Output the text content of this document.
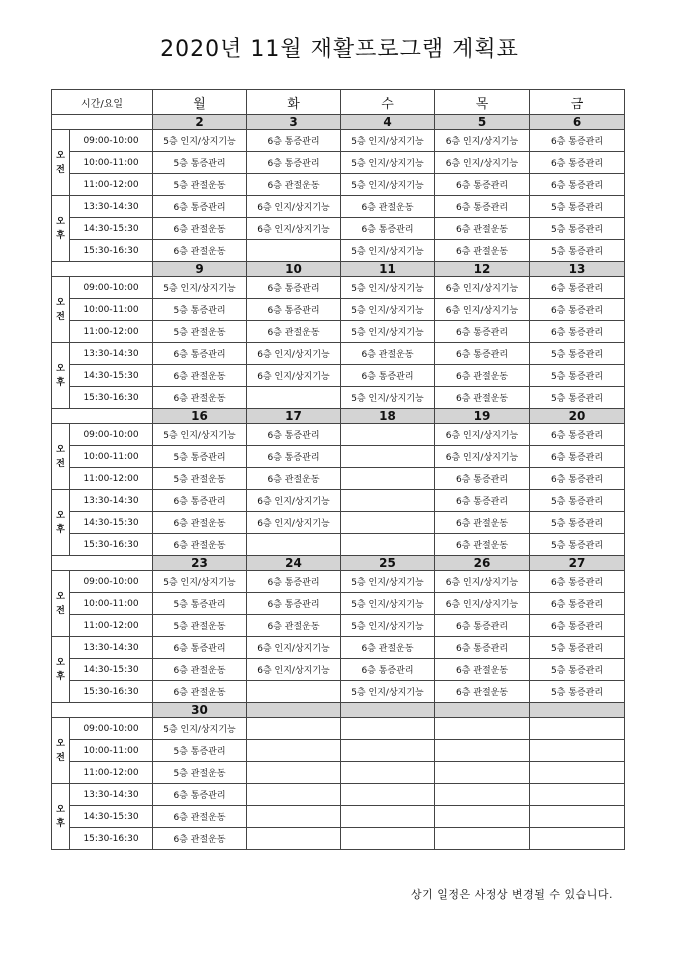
2020년 11월 재활프로그램 계획표
시간/요일		월	화	수	목	금
		2	3	4	5	6
오
전	09:00-10:00	5층 인지/상지기능	6층 통증관리	5층 인지/상지기능	6층 인지/상지기능	6층 통증관리
	10:00-11:00	5층 통증관리	6층 통증관리	5층 인지/상지기능	6층 인지/상지기능	6층 통증관리
	11:00-12:00	5층 관절운동	6층 관절운동	5층 인지/상지기능	6층 통증관리	6층 통증관리
오
후	13:30-14:30	6층 통증관리	6층 인지/상지기능	6층 관절운동	6층 통증관리	5층 통증관리
	14:30-15:30	6층 관절운동	6층 인지/상지기능	6층 통증관리	6층 관절운동	5층 통증관리
	15:30-16:30	6층 관절운동		5층 인지/상지기능	6층 관절운동	5층 통증관리
		9	10	11	12	13
오
전	09:00-10:00	5층 인지/상지기능	6층 통증관리	5층 인지/상지기능	6층 인지/상지기능	6층 통증관리
	10:00-11:00	5층 통증관리	6층 통증관리	5층 인지/상지기능	6층 인지/상지기능	6층 통증관리
	11:00-12:00	5층 관절운동	6층 관절운동	5층 인지/상지기능	6층 통증관리	6층 통증관리
오
후	13:30-14:30	6층 통증관리	6층 인지/상지기능	6층 관절운동	6층 통증관리	5층 통증관리
	14:30-15:30	6층 관절운동	6층 인지/상지기능	6층 통증관리	6층 관절운동	5층 통증관리
	15:30-16:30	6층 관절운동		5층 인지/상지기능	6층 관절운동	5층 통증관리
		16	17	18	19	20
오
전	09:00-10:00	5층 인지/상지기능	6층 통증관리		6층 인지/상지기능	6층 통증관리
	10:00-11:00	5층 통증관리	6층 통증관리		6층 인지/상지기능	6층 통증관리
	11:00-12:00	5층 관절운동	6층 관절운동		6층 통증관리	6층 통증관리
오
후	13:30-14:30	6층 통증관리	6층 인지/상지기능		6층 통증관리	5층 통증관리
	14:30-15:30	6층 관절운동	6층 인지/상지기능		6층 관절운동	5층 통증관리
	15:30-16:30	6층 관절운동			6층 관절운동	5층 통증관리
		23	24	25	26	27
오
전	09:00-10:00	5층 인지/상지기능	6층 통증관리	5층 인지/상지기능	6층 인지/상지기능	6층 통증관리
	10:00-11:00	5층 통증관리	6층 통증관리	5층 인지/상지기능	6층 인지/상지기능	6층 통증관리
	11:00-12:00	5층 관절운동	6층 관절운동	5층 인지/상지기능	6층 통증관리	6층 통증관리
오
후	13:30-14:30	6층 통증관리	6층 인지/상지기능	6층 관절운동	6층 통증관리	5층 통증관리
	14:30-15:30	6층 관절운동	6층 인지/상지기능	6층 통증관리	6층 관절운동	5층 통증관리
	15:30-16:30	6층 관절운동		5층 인지/상지기능	6층 관절운동	5층 통증관리
		30				
오
전	09:00-10:00	5층 인지/상지기능				
	10:00-11:00	5층 통증관리				
	11:00-12:00	5층 관절운동				
오
후	13:30-14:30	6층 통증관리				
	14:30-15:30	6층 관절운동				
	15:30-16:30	6층 관절운동				
상기 일정은 사정상 변경될 수 있습니다.
